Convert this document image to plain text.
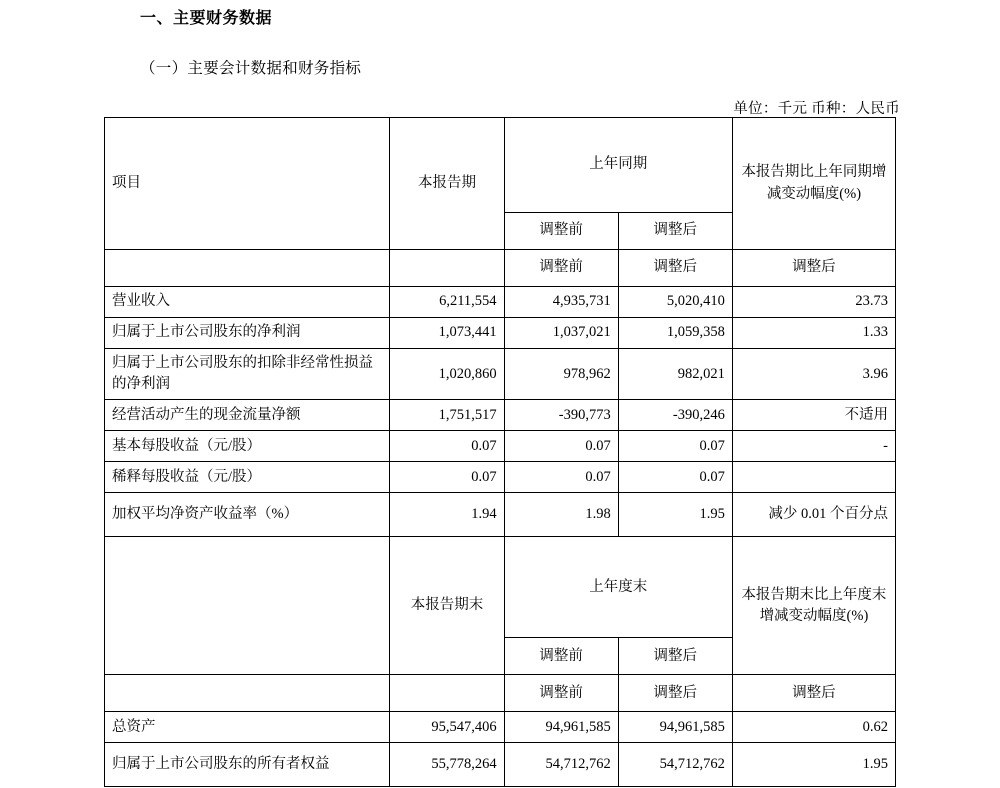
一、主要财务数据
（一）主要会计数据和财务指标
单位：千元 币种：人民币
项目	本报告期	上年同期		本报告期比上年同期增减变动幅度(%)
		调整前	调整后	
		调整前	调整后	调整后
营业收入	6,211,554	4,935,731	5,020,410	23.73
归属于上市公司股东的净利润	1,073,441	1,037,021	1,059,358	1.33
归属于上市公司股东的扣除非经常性损益的净利润	1,020,860	978,962	982,021	3.96
经营活动产生的现金流量净额	1,751,517	-390,773	-390,246	不适用
基本每股收益（元/股）	0.07	0.07	0.07	-
稀释每股收益（元/股）	0.07	0.07	0.07	
加权平均净资产收益率（%）	1.94	1.98	1.95	减少 0.01 个百分点
	本报告期末	上年度末		本报告期末比上年度末增减变动幅度(%)
		调整前	调整后	
		调整前	调整后	调整后
总资产	95,547,406	94,961,585	94,961,585	0.62
归属于上市公司股东的所有者权益	55,778,264	54,712,762	54,712,762	1.95
